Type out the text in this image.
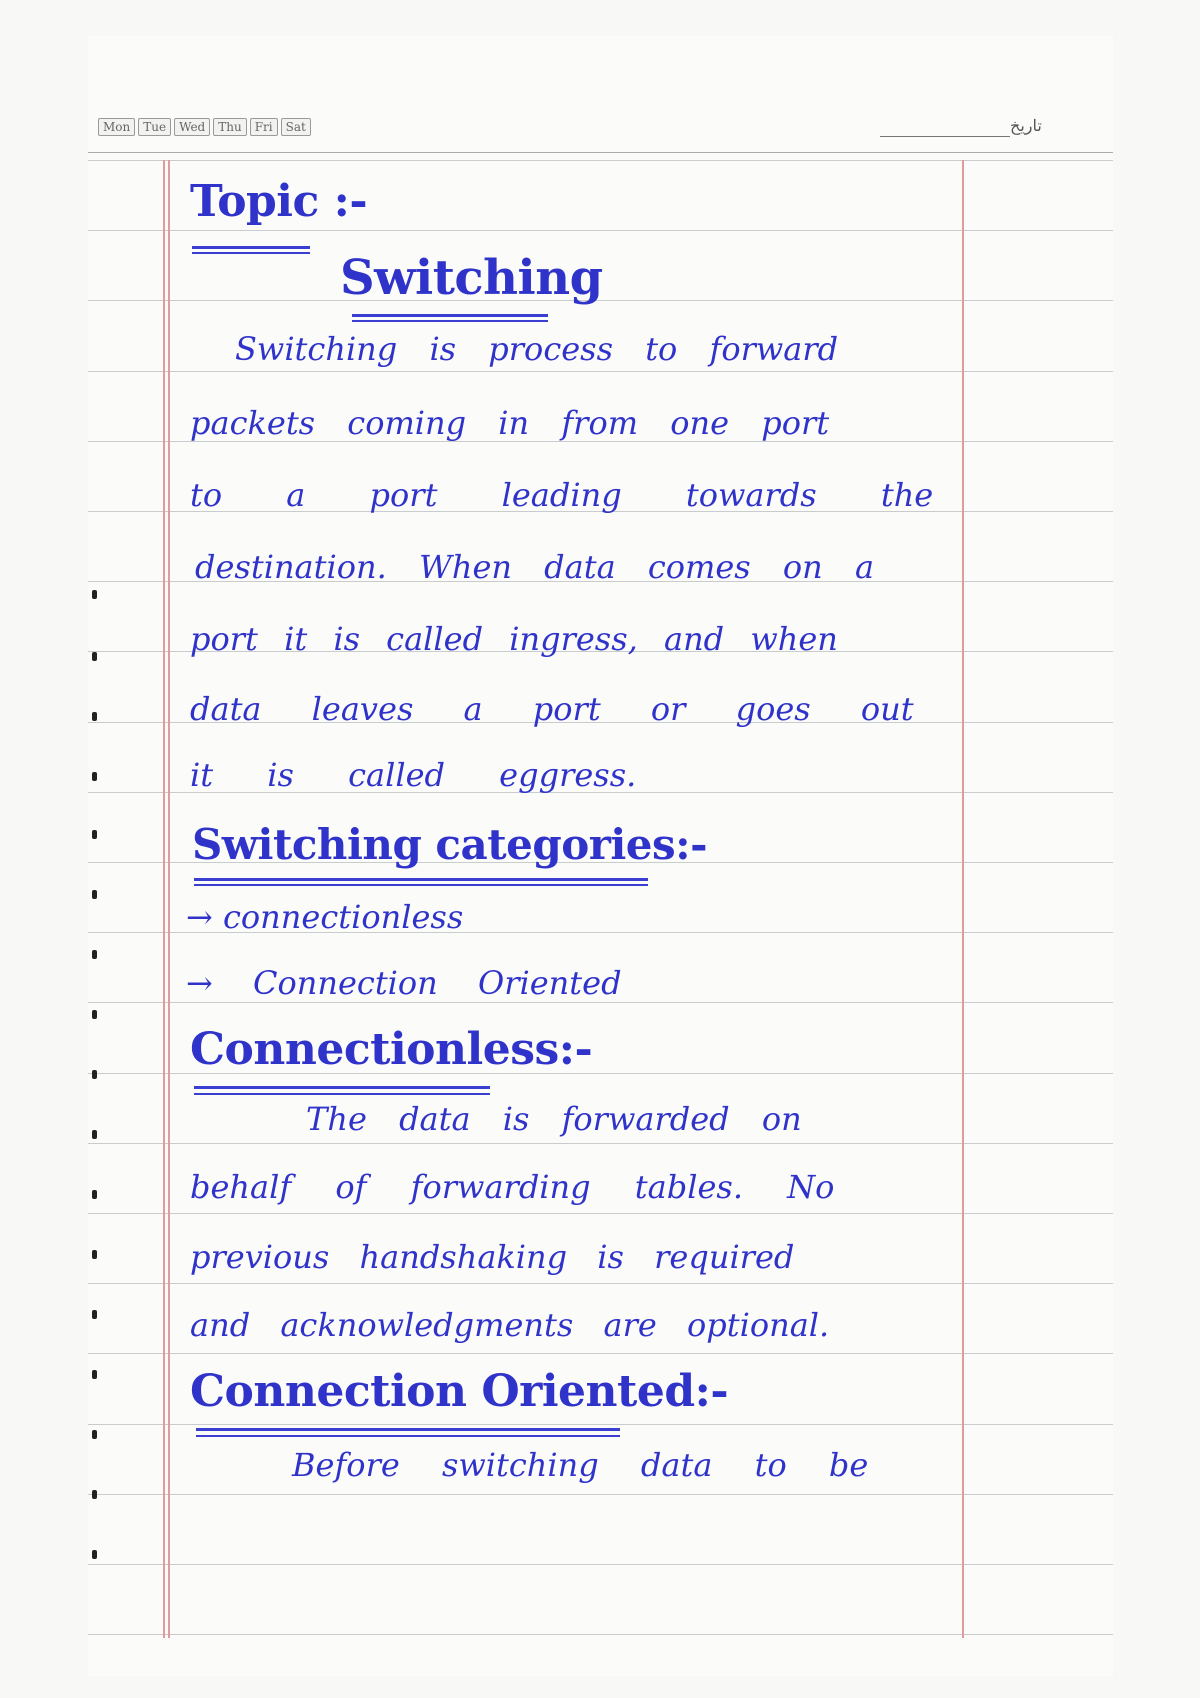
Mon	Tue	Wed	Thu	Fri	Sat	تاریخ
Topic :-
Switching
Switching is process to forward
packets coming in from one port
to a port leading towards the
destination. When data comes on a
port it is called ingress, and when
data leaves a port or goes out
it is called eggress.
Switching categories:-
→ connectionless
→ Connection Oriented
Connectionless:-
The data is forwarded on
behalf of forwarding tables. No
previous handshaking is required
and acknowledgments are optional.
Connection Oriented:-
Before switching data to be
